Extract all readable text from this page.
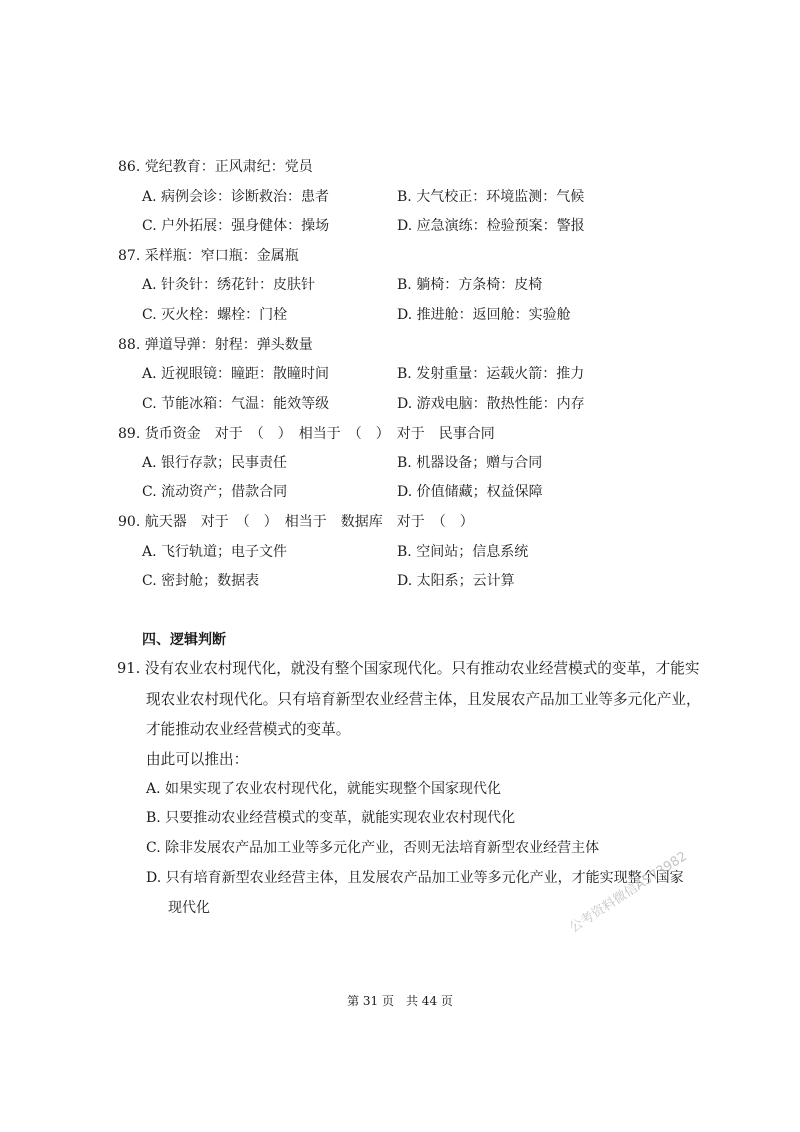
86. 党纪教育：正风肃纪：党员
A. 病例会诊：诊断救治：患者	B. 大气校正：环境监测：气候
C. 户外拓展：强身健体：操场	D. 应急演练：检验预案：警报
87. 采样瓶：窄口瓶：金属瓶
A. 针灸针：绣花针：皮肤针	B. 躺椅：方条椅：皮椅
C. 灭火栓：螺栓：门栓	D. 推进舱：返回舱：实验舱
88. 弹道导弹：射程：弹头数量
A. 近视眼镜：瞳距：散瞳时间	B. 发射重量：运载火箭：推力
C. 节能冰箱：气温：能效等级	D. 游戏电脑：散热性能：内存
89. 货币资金　对于　（　）　相当于　（　）　对于　民事合同
A. 银行存款；民事责任	B. 机器设备；赠与合同
C. 流动资产；借款合同	D. 价值储藏；权益保障
90. 航天器　对于　（　）　相当于　数据库　对于　（　）
A. 飞行轨道；电子文件	B. 空间站；信息系统
C. 密封舱；数据表	D. 太阳系；云计算
四、逻辑判断
91. 没有农业农村现代化，就没有整个国家现代化。只有推动农业经营模式的变革，才能实
现农业农村现代化。只有培育新型农业经营主体，且发展农产品加工业等多元化产业，
才能推动农业经营模式的变革。
由此可以推出：
A. 如果实现了农业农村现代化，就能实现整个国家现代化
B. 只要推动农业经营模式的变革，就能实现农业农村现代化
C. 除非发展农产品加工业等多元化产业，否则无法培育新型农业经营主体
D. 只有培育新型农业经营主体，且发展农产品加工业等多元化产业，才能实现整个国家
现代化	公考资料微信AS73982
第 31 页　共 44 页
